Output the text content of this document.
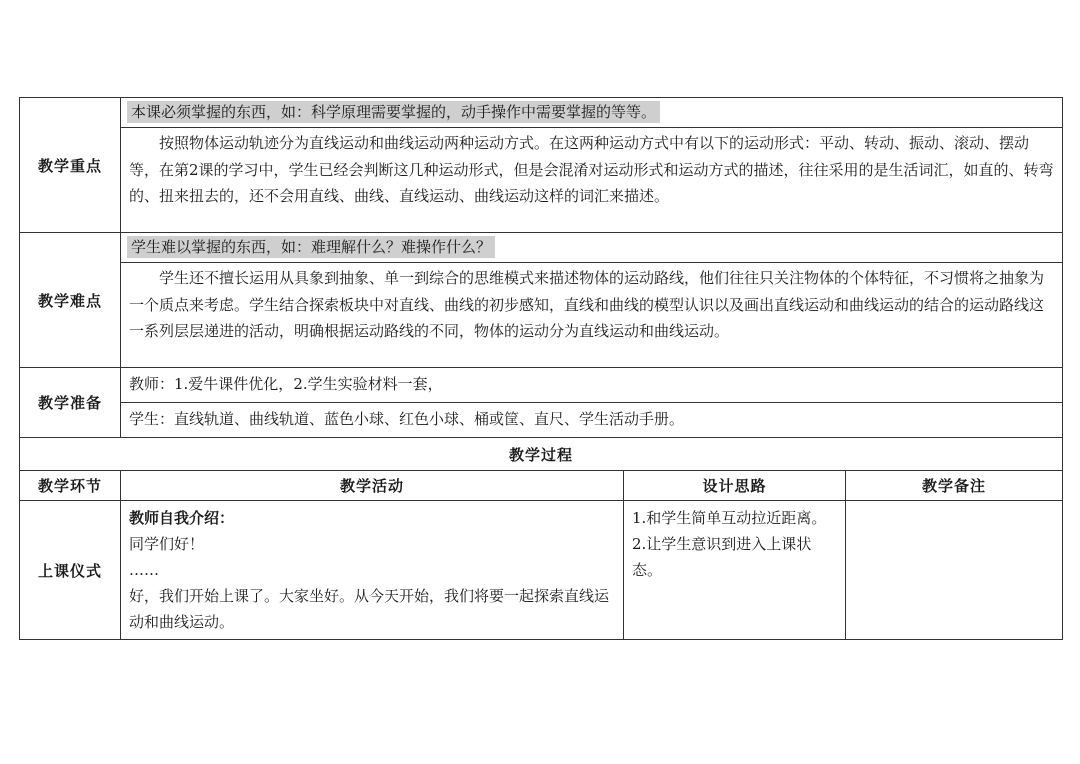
教学重点	本课必须掌握的东西，如：科学原理需要掌握的，动手操作中需要掌握的等等。		

	按照物体运动轨迹分为直线运动和曲线运动两种运动方式。在这两种运动方式中有以下的运动形式：平动、转动、振动、滚动、摆动等，在第2课的学习中，学生已经会判断这几种运动形式，但是会混淆对运动形式和运动方式的描述，往往采用的是生活词汇，如直的、转弯的、扭来扭去的，还不会用直线、曲线、直线运动、曲线运动这样的词汇来描述。		

教学难点	学生难以掌握的东西，如：难理解什么？难操作什么？		

	学生还不擅长运用从具象到抽象、单一到综合的思维模式来描述物体的运动路线，他们往往只关注物体的个体特征，不习惯将之抽象为一个质点来考虑。学生结合探索板块中对直线、曲线的初步感知，直线和曲线的模型认识以及画出直线运动和曲线运动的结合的运动路线这一系列层层递进的活动，明确根据运动路线的不同，物体的运动分为直线运动和曲线运动。		

教学准备	教师：1.爱牛课件优化，2.学生实验材料一套，		

	学生：直线轨道、曲线轨道、蓝色小球、红色小球、桶或筐、直尺、学生活动手册。		

教学过程			
教学环节	教学活动	设计思路	教学备注
上课仪式	教师自我介绍：
同学们好！
……
好，我们开始上课了。大家坐好。从今天开始，我们将要一起探索直线运动和曲线运动。	1.和学生简单互动拉近距离。2.让学生意识到进入上课状态。	
